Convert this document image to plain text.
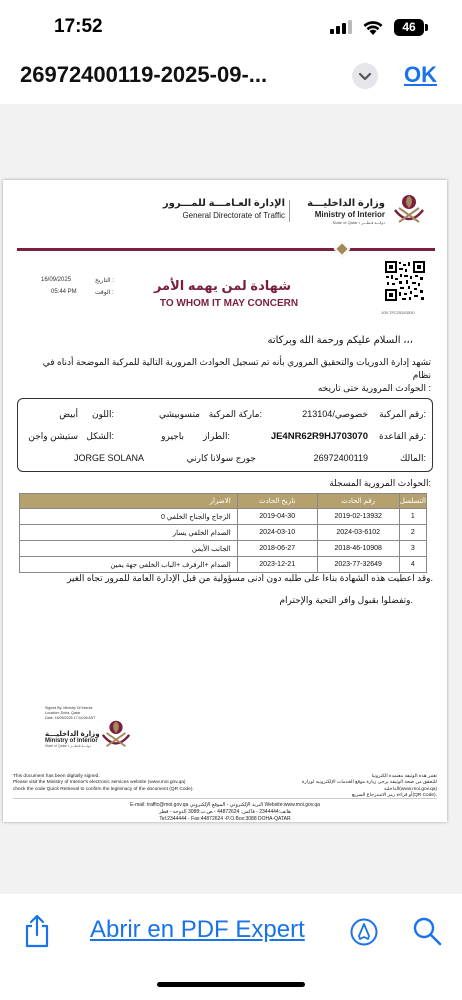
17:52	46
26972400119-2025-09-...	OK
وزارة الداخليـــة
Ministry of Interior
State of Qatar • دولـــة قـطـــر
الإدارة العـامـــة للمـــرور
General Directorate of Traffic
105-TFC25343530
التاريخ :
16/09/2025
الوقت :
05:44 PM	شهادة لمن يهمه الأمر
TO WHOM IT MAY CONCERN
السلام عليكم ورحمة الله وبركاته ،،،
تشهد إدارة الدوريات والتحقيق المروري بأنه تم تسجيل الحوادث المرورية التالية للمركبة الموضحة أدناه في نظام
الحوادث المرورية حتى تاريخه :
رقم المركبة:
خصوصي/213104
ماركة المركبة:
متسوبيشي
اللون:
أبيض
رقم القاعدة:
JE4NR62R9HJ703070
الطراز:
باجيرو
الشكل:
ستيشن واجن
المالك:
26972400119
جورج سولانا كارني
JORGE SOLANA
الحوادث المرورية المسجلة:
الاضرار	تاريخ الحادث	رقم الحادث	التسلسل
الزجاج والجناح الخلفي 0	2019-04-30	2019-02-13932	1
الصدام الخلفي يسار	2024-03-10	2024-03-6102	2
الجانب الأيمن	2018-06-27	2018-46-10908	3
الصدام +الرفرف +الباب الخلفي جهة يمين	2023-12-21	2023-77-32649	4
وقد اعطيت هذه الشهادة بناءا على طلبه دون ادنى مسؤولية من قبل الإدارة العامة للمرور تجاه الغير.
وتفضلوا بقبول وافر التحية والإحترام.
Signed By: Ministry Of Interior
Location: Doha, Qatar
Date: 16/09/2025 17:44:06 AST
وزارة الداخليـــة
Ministry of Interior
State of Qatar • دولـــة قـطـــر
This document has been digitally signed.
Please visit the Ministry of Interior's electronic services website (www.moi.gov.qa)
check the code Quick Retrieval to confirm the legitimacy of the document (QR Code).
تعتبر هذه الوثيقة معتمدة الكترونيا
للتحقق من صحة الوثيقة يرجى زيارة موقع الخدمات الإلكترونية لوزارة الداخلية(www.moi.gov.qa)
أو قراءة رمز الاسترجاع السريع(QR Code).
E-mail: traffic@moi.gov.qa البريد الإلكتروني - الموقع الإلكتروني Website:www.moi.gov.qa
هاتف:2344444 - فاكس: 44872624 - ص.ب:3088 الدوحة - قطر
Tel:2344444 - Fax:44872624 -P.O.Box:3088 DOHA-QATAR
Abrir en PDF Expert
